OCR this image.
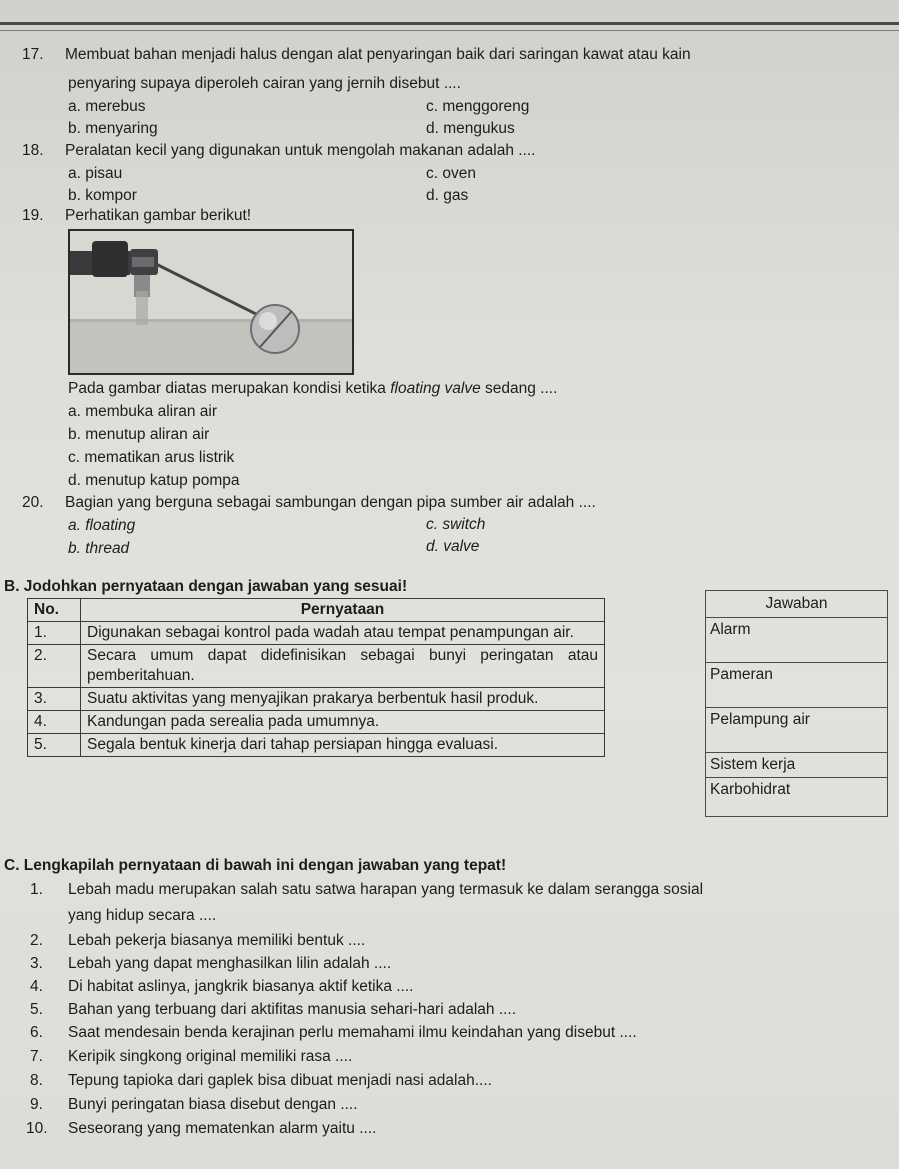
17. Membuat bahan menjadi halus dengan alat penyaringan baik dari saringan kawat atau kain
penyaring supaya diperoleh cairan yang jernih disebut ....
a. merebus	c. menggoreng
b. menyaring	d. mengukus
18. Peralatan kecil yang digunakan untuk mengolah makanan adalah ....
a. pisau	c. oven
b. kompor	d. gas
19. Perhatikan gambar berikut!
Pada gambar diatas merupakan kondisi ketika floating valve sedang ....
a. membuka aliran air
b. menutup aliran air
c. mematikan arus listrik
d. menutup katup pompa
20. Bagian yang berguna sebagai sambungan dengan pipa sumber air adalah ....
a. floating	c. switch
b. thread	d. valve
B. Jodohkan pernyataan dengan jawaban yang sesuai!
No.	Pernyataan
1.	Digunakan sebagai kontrol pada wadah atau tempat penampungan air.
2.	Secara umum dapat didefinisikan sebagai bunyi peringatan atau pemberitahuan.
3.	Suatu aktivitas yang menyajikan prakarya berbentuk hasil produk.
4.	Kandungan pada serealia pada umumnya.
5.	Segala bentuk kinerja dari tahap persiapan hingga evaluasi.
Jawaban
Alarm
Pameran
Pelampung air
Sistem kerja
Karbohidrat
C. Lengkapilah pernyataan di bawah ini dengan jawaban yang tepat!
1. Lebah madu merupakan salah satu satwa harapan yang termasuk ke dalam serangga sosial
yang hidup secara ....
2. Lebah pekerja biasanya memiliki bentuk ....
3. Lebah yang dapat menghasilkan lilin adalah ....
4. Di habitat aslinya, jangkrik biasanya aktif ketika ....
5. Bahan yang terbuang dari aktifitas manusia sehari-hari adalah ....
6. Saat mendesain benda kerajinan perlu memahami ilmu keindahan yang disebut ....
7. Keripik singkong original memiliki rasa ....
8. Tepung tapioka dari gaplek bisa dibuat menjadi nasi adalah....
9. Bunyi peringatan biasa disebut dengan ....
10. Seseorang yang mematenkan alarm yaitu ....
